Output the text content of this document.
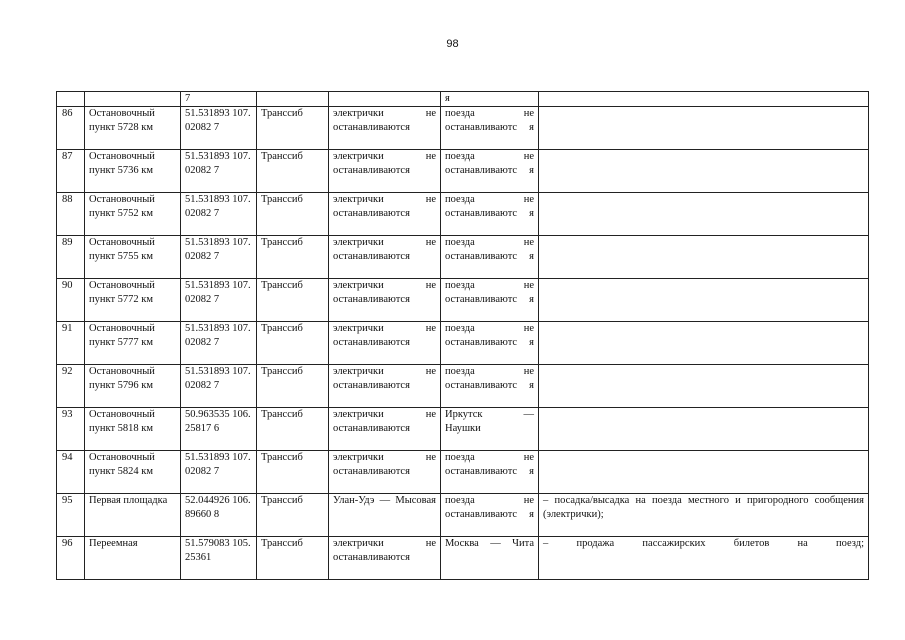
98
		7			я	
86	Остановочный пункт 5728 км	51.531893 107.02082 7	Транссиб	электрички не останавливаются	поезда не останавливаютс я	
87	Остановочный пункт 5736 км	51.531893 107.02082 7	Транссиб	электрички не останавливаются	поезда не останавливаютс я	
88	Остановочный пункт 5752 км	51.531893 107.02082 7	Транссиб	электрички не останавливаются	поезда не останавливаютс я	
89	Остановочный пункт 5755 км	51.531893 107.02082 7	Транссиб	электрички не останавливаются	поезда не останавливаютс я	
90	Остановочный пункт 5772 км	51.531893 107.02082 7	Транссиб	электрички не останавливаются	поезда не останавливаютс я	
91	Остановочный пункт 5777 км	51.531893 107.02082 7	Транссиб	электрички не останавливаются	поезда не останавливаютс я	
92	Остановочный пункт 5796 км	51.531893 107.02082 7	Транссиб	электрички не останавливаются	поезда не останавливаютс я	
93	Остановочный пункт 5818 км	50.963535 106.25817 6	Транссиб	электрички не останавливаются	Иркутск — Наушки	
94	Остановочный пункт 5824 км	51.531893 107.02082 7	Транссиб	электрички не останавливаются	поезда не останавливаютс я	
95	Первая площадка	52.044926 106.89660 8	Транссиб	Улан-Удэ — Мысовая	поезда не останавливаютс я	– посадка/высадка на поезда местного и пригородного сообщения (электрички);
96	Переемная	51.579083 105.25361	Транссиб	электрички не останавливаются	Москва — Чита	– продажа пассажирских билетов на поезд;
